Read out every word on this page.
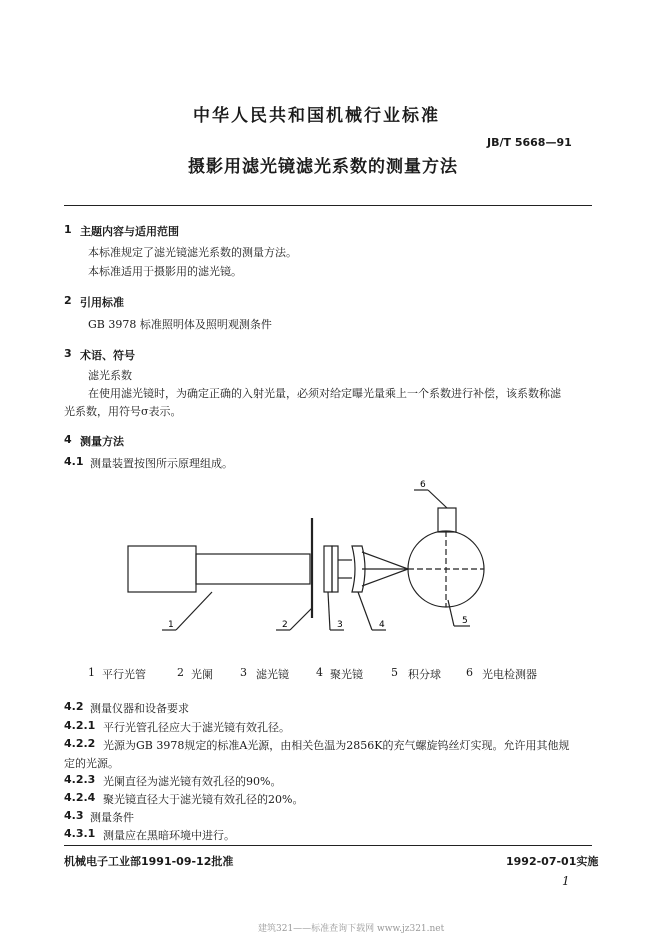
中华人民共和国机械行业标准
JB/T 5668—91
摄影用滤光镜滤光系数的测量方法
1 主题内容与适用范围
本标准规定了滤光镜滤光系数的测量方法。
本标准适用于摄影用的滤光镜。
2 引用标准
GB 3978 标准照明体及照明观测条件
3 术语、符号
滤光系数
在使用滤光镜时，为确定正确的入射光量，必须对给定曝光量乘上一个系数进行补偿，该系数称滤
光系数，用符号σ表示。
4 测量方法
4.1 测量装置按图所示原理组成。
1	2	3	4	5
6
1 平行光管	2 光阑 3 滤光镜 4 聚光镜	5 积分球 6 光电检测器
4.2 测量仪器和设备要求
4.2.1 平行光管孔径应大于滤光镜有效孔径。
4.2.2 光源为GB 3978规定的标准A光源，由相关色温为2856K的充气螺旋钨丝灯实现。允许用其他规
定的光源。
4.2.3 光阑直径为滤光镜有效孔径的90%。
4.2.4 聚光镜直径大于滤光镜有效孔径的20%。
4.3 测量条件
4.3.1 测量应在黑暗环境中进行。
机械电子工业部1991-09-12批准	1992-07-01实施
1
建筑321——标准查询下载网 www.jz321.net
